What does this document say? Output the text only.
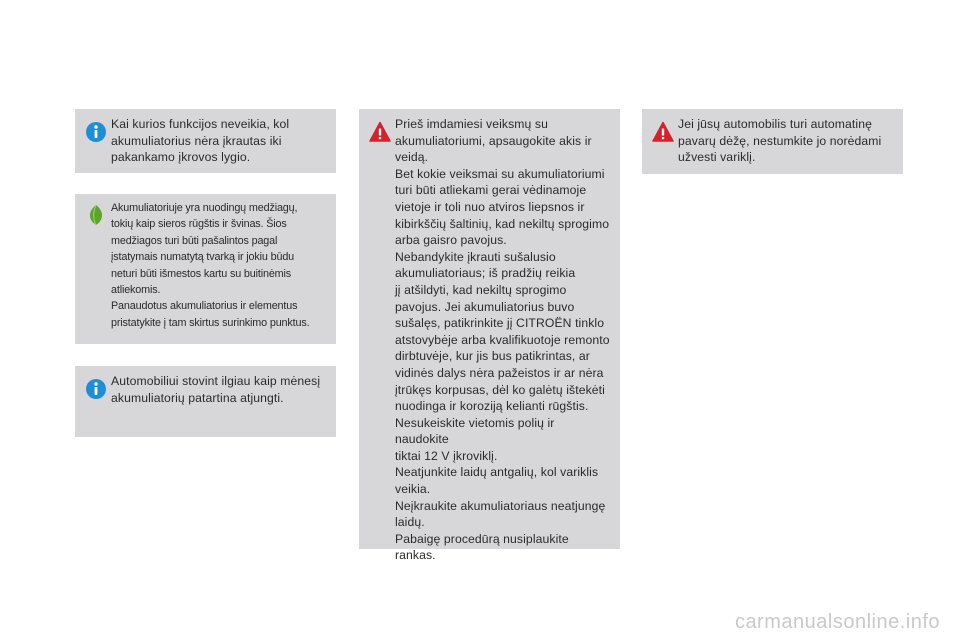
Kai kurios funkcijos neveikia, kol
akumuliatorius nėra įkrautas iki
pakankamo įkrovos lygio.

Akumuliatoriuje yra nuodingų medžiagų,
tokių kaip sieros rūgštis ir švinas. Šios
medžiagos turi būti pašalintos pagal
įstatymais numatytą tvarką ir jokiu būdu
neturi būti išmestos kartu su buitinėmis
atliekomis.
Panaudotus akumuliatorius ir elementus
pristatykite į tam skirtus surinkimo punktus.

Automobiliui stovint ilgiau kaip mėnesį
akumuliatorių patartina atjungti.

Prieš imdamiesi veiksmų su
akumuliatoriumi, apsaugokite akis ir
veidą.
Bet kokie veiksmai su akumuliatoriumi
turi būti atliekami gerai vėdinamoje
vietoje ir toli nuo atviros liepsnos ir
kibirkščių šaltinių, kad nekiltų sprogimo
arba gaisro pavojus.
Nebandykite įkrauti sušalusio
akumuliatoriaus; iš pradžių reikia
jį atšildyti, kad nekiltų sprogimo
pavojus. Jei akumuliatorius buvo
sušalęs, patikrinkite jį CITROËN tinklo
atstovybėje arba kvalifikuotoje remonto
dirbtuvėje, kur jis bus patikrintas, ar
vidinės dalys nėra pažeistos ir ar nėra
įtrūkęs korpusas, dėl ko galėtų ištekėti
nuodinga ir koroziją kelianti rūgštis.
Nesukeiskite vietomis polių ir naudokite
tiktai 12 V įkroviklį.
Neatjunkite laidų antgalių, kol variklis
veikia.
Neįkraukite akumuliatoriaus neatjungę
laidų.
Pabaigę procedūrą nusiplaukite rankas.

Jei jūsų automobilis turi automatinę
pavarų dėžę, nestumkite jo norėdami
užvesti variklį.

carmanualsonline.info
